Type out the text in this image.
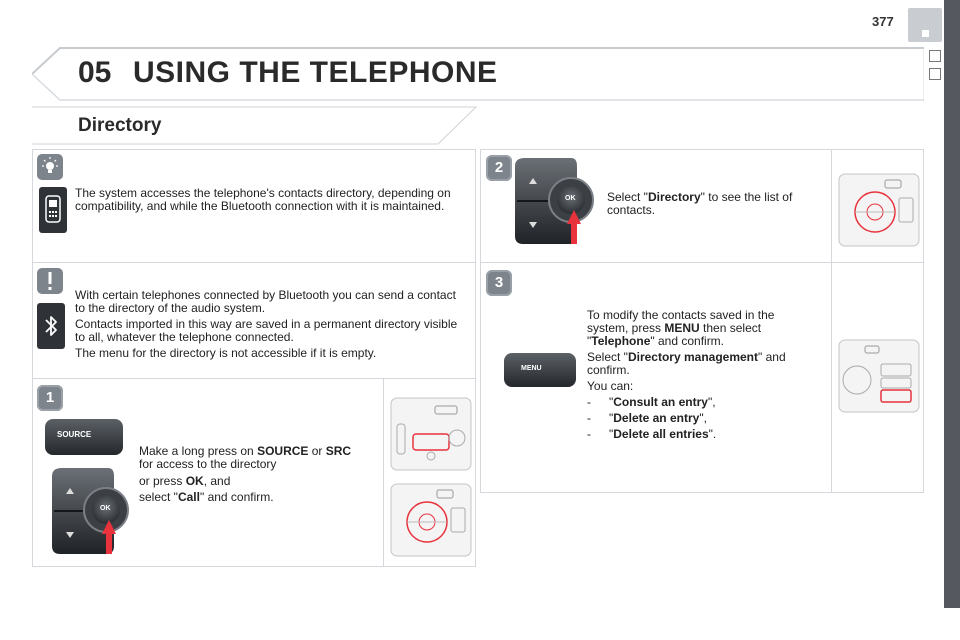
377
05 USING THE TELEPHONE
Directory
The system accesses the telephone's contacts directory, depending on compatibility, and while the Bluetooth connection with it is maintained.

With certain telephones connected by Bluetooth you can send a contact to the directory of the audio system.

Contacts imported in this way are saved in a permanent directory visible to all, whatever the telephone connected.

The menu for the directory is not accessible if it is empty.

1
SOURCE
OK

Make a long press on SOURCE or SRC
for access to the directory

or press OK, and

select "Call" and confirm.

2
OK	Select "Directory" to see the list of
contacts.

3
MENU

To modify the contacts saved in the
system, press MENU then select
"Telephone" and confirm.

Select "Directory management" and
confirm.

You can:

-	"Consult an entry",

-	"Delete an entry",

-	"Delete all entries".
